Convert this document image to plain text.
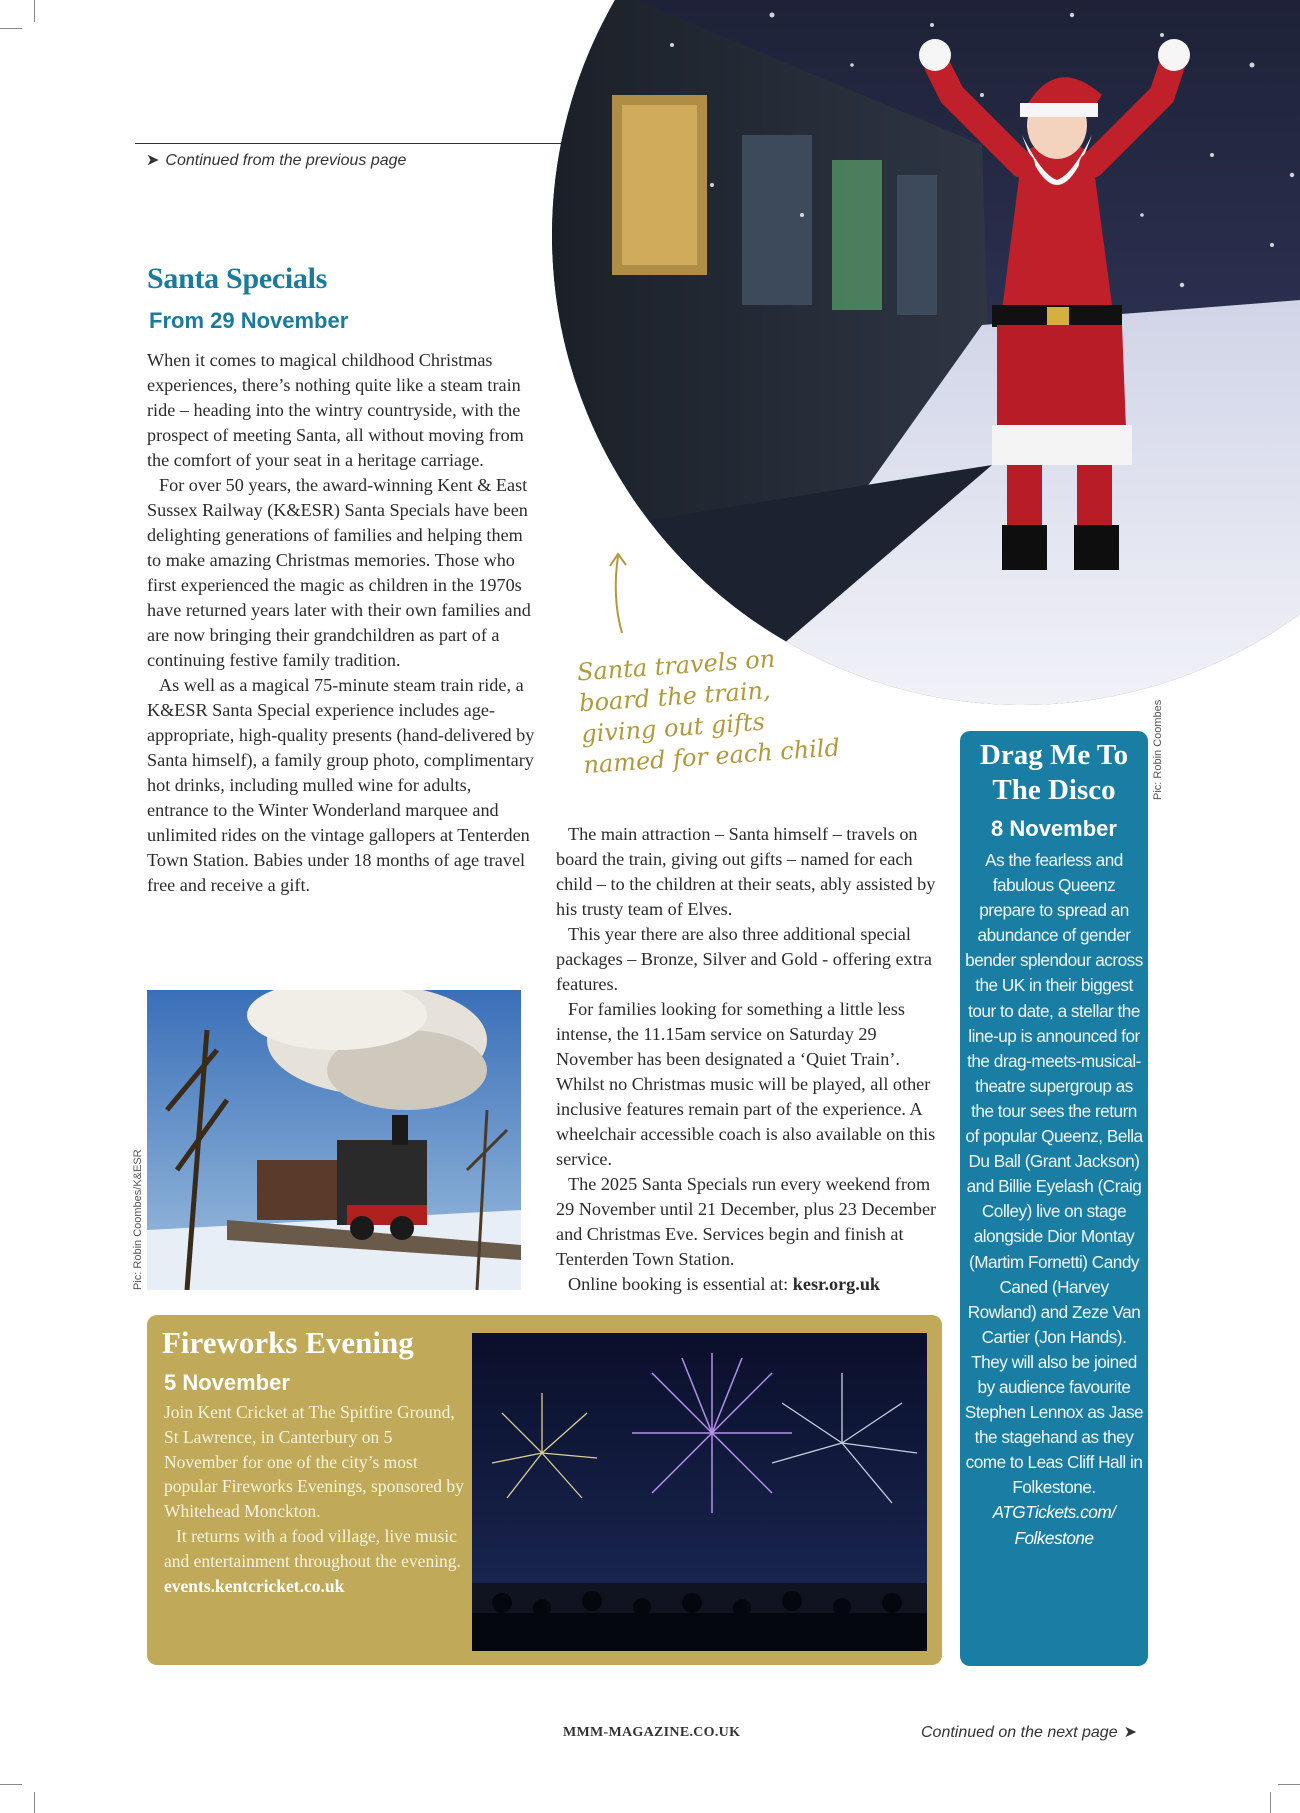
➤ Continued from the previous page
Pic: Robin Coombes
Santa travels on board the train, giving out gifts named for each child
Santa Specials
From 29 November

When it comes to magical childhood Christmas experiences, there’s nothing quite like a steam train ride – heading into the wintry countryside, with the prospect of meeting Santa, all without moving from the comfort of your seat in a heritage carriage.

For over 50 years, the award-winning Kent & East Sussex Railway (K&ESR) Santa Specials have been delighting generations of families and helping them to make amazing Christmas memories. Those who first experienced the magic as children in the 1970s have returned years later with their own families and are now bringing their grandchildren as part of a continuing festive family tradition.

As well as a magical 75-minute steam train ride, a K&ESR Santa Special experience includes age-appropriate, high-quality presents (hand-delivered by Santa himself), a family group photo, complimentary hot drinks, including mulled wine for adults, entrance to the Winter Wonderland marquee and unlimited rides on the vintage gallopers at Tenterden Town Station. Babies under 18 months of age travel free and receive a gift.

The main attraction – Santa himself – travels on board the train, giving out gifts – named for each child – to the children at their seats, ably assisted by his trusty team of Elves.

This year there are also three additional special packages – Bronze, Silver and Gold - offering extra features.

For families looking for something a little less intense, the 11.15am service on Saturday 29 November has been designated a ‘Quiet Train’. Whilst no Christmas music will be played, all other inclusive features remain part of the experience. A wheelchair accessible coach is also available on this service.

The 2025 Santa Specials run every weekend from 29 November until 21 December, plus 23 December and Christmas Eve. Services begin and finish at Tenterden Town Station.

Online booking is essential at: kesr.org.uk

Pic: Robin Coombes/K&ESR
Fireworks Evening
5 November

Join Kent Cricket at The Spitfire Ground, St Lawrence, in Canterbury on 5 November for one of the city’s most popular Fireworks Evenings, sponsored by Whitehead Monckton.

It returns with a food village, live music and entertainment throughout the evening.

events.kentcricket.co.uk

Drag Me To The Disco
8 November
As the fearless and fabulous Queenz prepare to spread an abundance of gender bender splendour across the UK in their biggest tour to date, a stellar the line-up is announced for the drag-meets-musical-theatre supergroup as the tour sees the return of popular Queenz, Bella Du Ball (Grant Jackson) and Billie Eyelash (Craig Colley) live on stage alongside Dior Montay (Martim Fornetti) Candy Caned (Harvey Rowland) and Zeze Van Cartier (Jon Hands). They will also be joined by audience favourite Stephen Lennox as Jase the stagehand as they come to Leas Cliff Hall in Folkestone. ATGTickets.com/ Folkestone
MMM-MAGAZINE.CO.UK	Continued on the next page ➤
